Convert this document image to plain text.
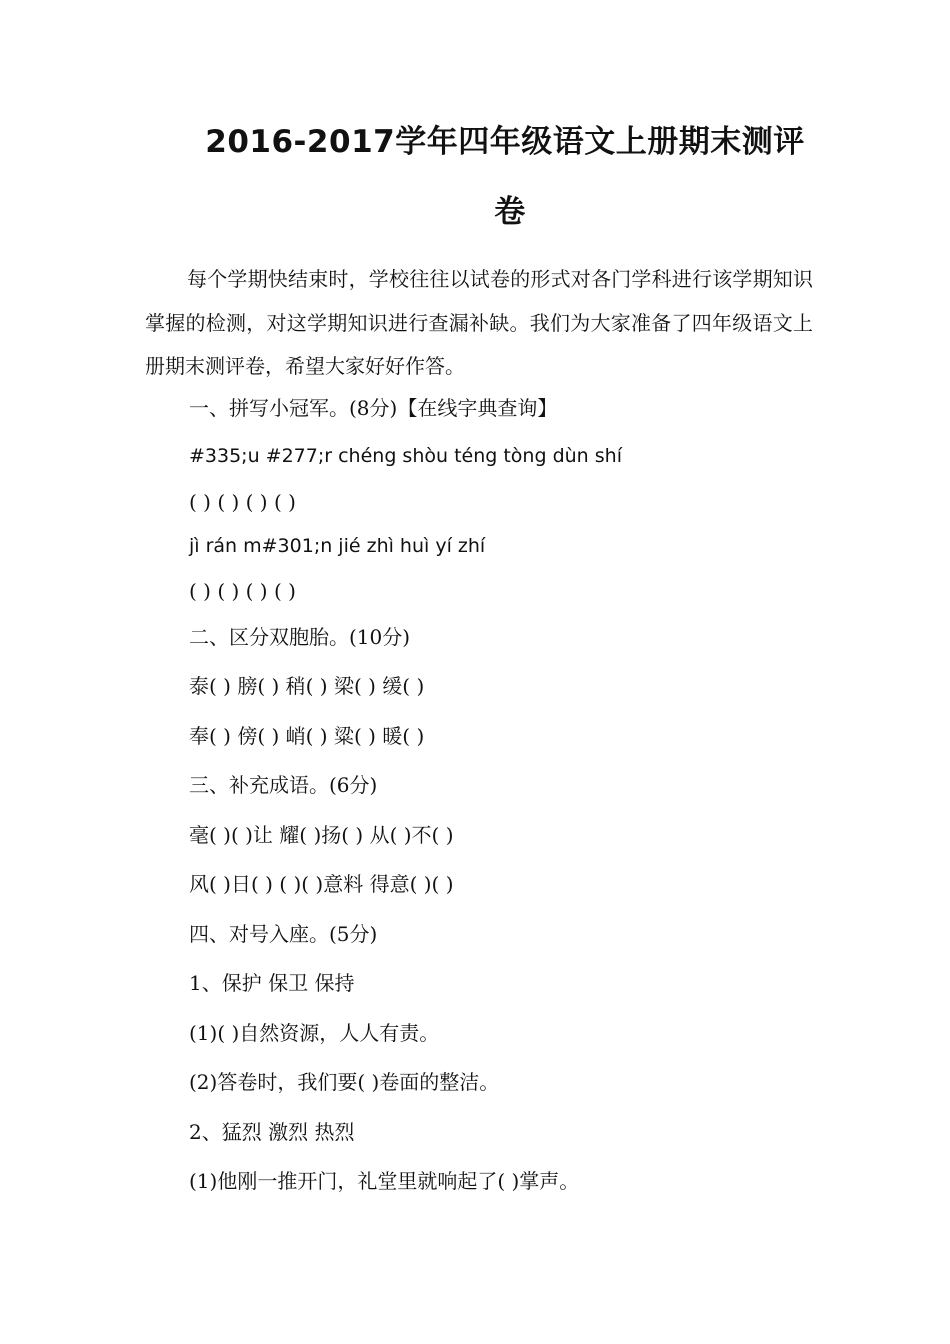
2016-2017学年四年级语文上册期末测评
卷

每个学期快结束时，学校往往以试卷的形式对各门学科进行该学期知识掌握的检测，对这学期知识进行查漏补缺。我们为大家准备了四年级语文上册期末测评卷，希望大家好好作答。

一、拼写小冠军。(8分)【在线字典查询】
#335;u #277;r chéng shòu téng tòng dùn shí
( ) ( ) ( ) ( )
jì rán m#301;n jié zhì huì yí zhí
( ) ( ) ( ) ( )
二、区分双胞胎。(10分)
泰( ) 膀( ) 稍( ) 梁( ) 缓( )
奉( ) 傍( ) 峭( ) 粱( ) 暖( )
三、补充成语。(6分)
毫( )( )让 耀( )扬( ) 从( )不( )
风( )日( ) ( )( )意料 得意( )( )
四、对号入座。(5分)
1、保护 保卫 保持
(1)( )自然资源，人人有责。
(2)答卷时，我们要( )卷面的整洁。
2、猛烈 激烈 热烈
(1)他刚一推开门，礼堂里就响起了( )掌声。
